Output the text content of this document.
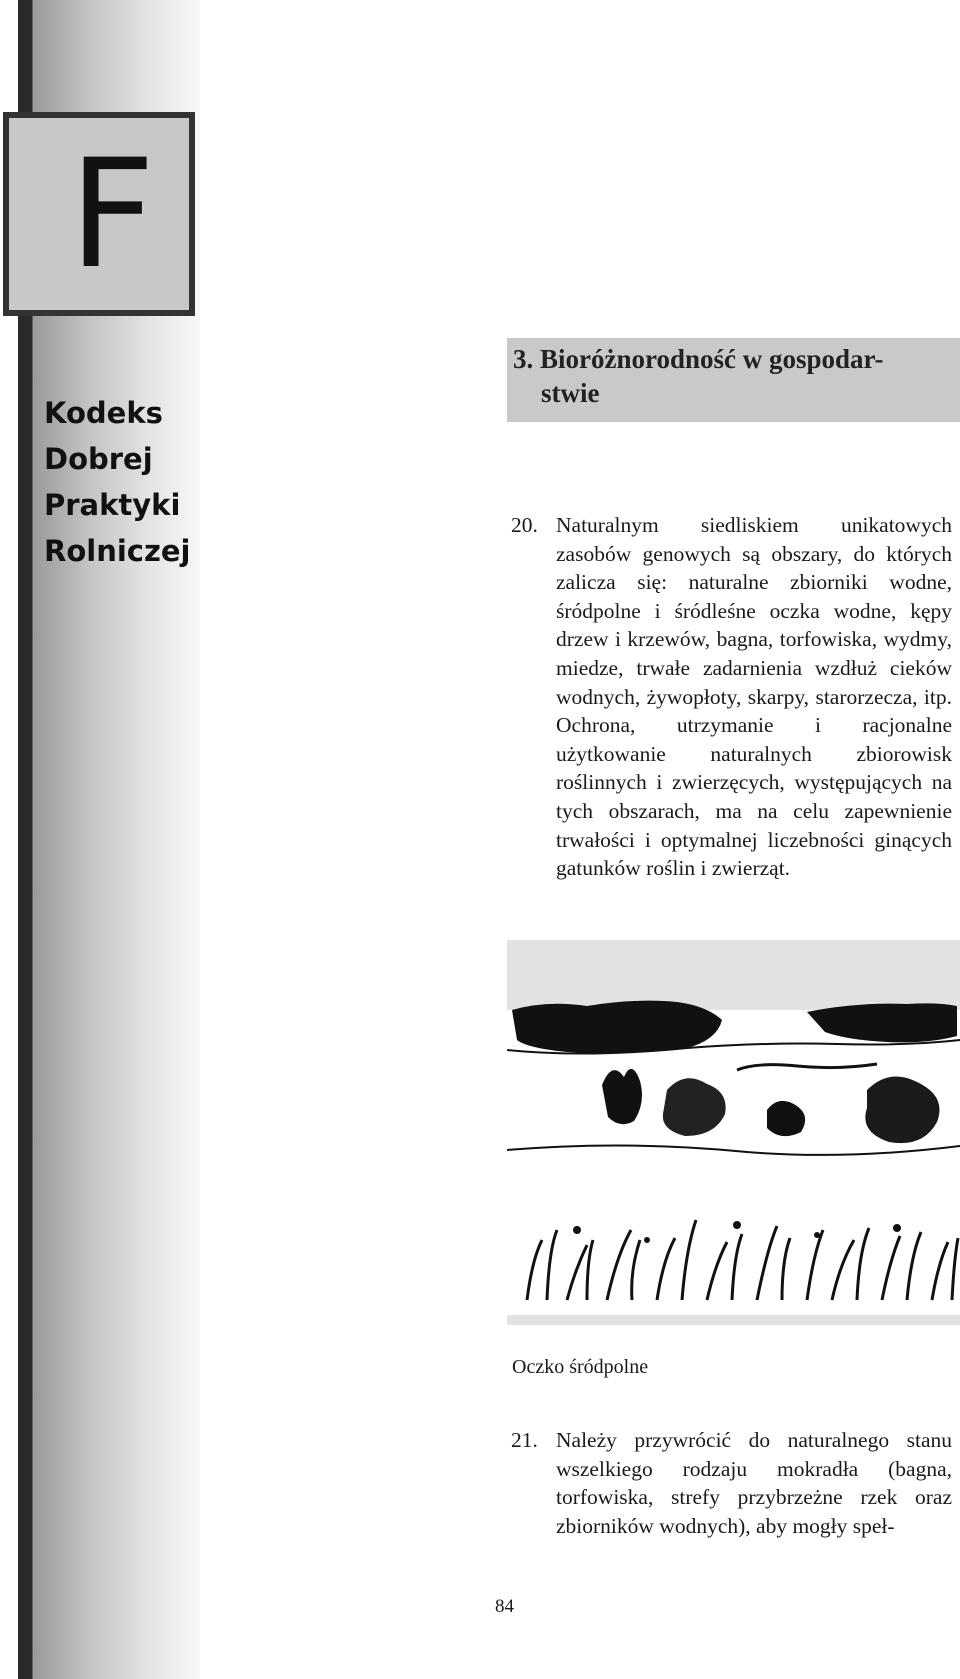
F
Kodeks
Dobrej
Praktyki
Rolniczej
3. Bioróżnorodność w gospodar-
stwie
20. Naturalnym siedliskiem unikatowych zasobów genowych są obszary, do których zalicza się: naturalne zbiorniki wodne, śródpolne i śródleśne oczka wodne, kępy drzew i krzewów, bagna, torfowiska, wydmy, miedze, trwałe zadarnienia wzdłuż cieków wodnych, żywopłoty, skarpy, starorzecza, itp. Ochrona, utrzymanie i racjonalne użytkowanie naturalnych zbiorowisk roślinnych i zwierzęcych, występujących na tych obszarach, ma na celu zapewnienie trwałości i optymalnej liczebności ginących gatunków roślin i zwierząt.
Oczko śródpolne
21. Należy przywrócić do naturalnego stanu wszelkiego rodzaju mokradła (bagna, torfowiska, strefy przybrzeżne rzek oraz zbiorników wodnych), aby mogły speł-
84
